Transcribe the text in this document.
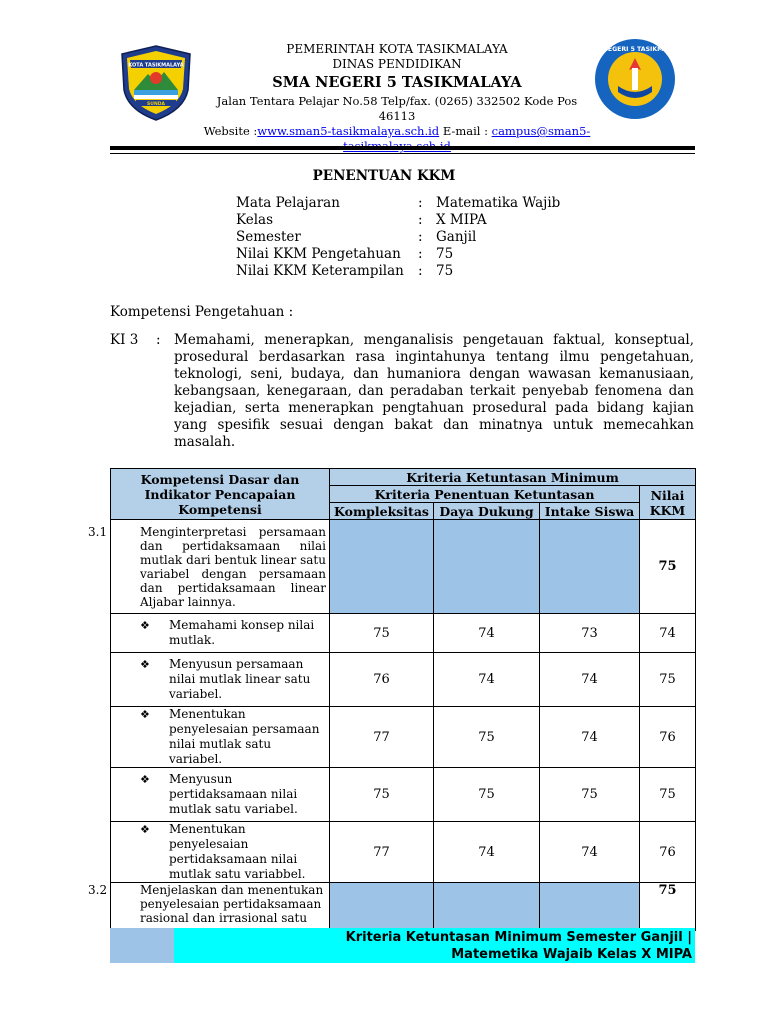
KOTA TASIKMALAYA
SUNDA
SMA NEGERI 5 TASIKMALAYA
PEMERINTAH KOTA TASIKMALAYA
DINAS PENDIDIKAN
SMA NEGERI 5 TASIKMALAYA
Jalan Tentara Pelajar No.58 Telp/fax. (0265) 332502 Kode Pos 46113
Website :www.sman5-tasikmalaya.sch.id E-mail : campus@sman5-

PENENTUAN KKM
Mata Pelajaran	: Matematika Wajib
Kelas	: X MIPA
Semester	: Ganjil
Nilai KKM Pengetahuan : 75
Nilai KKM Keterampilan : 75
Kompetensi Pengetahuan :
KI 3 : Memahami, menerapkan, menganalisis pengetauan faktual, konseptual, prosedural berdasarkan rasa ingintahunya tentang ilmu pengetahuan, teknologi, seni, budaya, dan humaniora dengan wawasan kemanusiaan, kebangsaan, kenegaraan, dan peradaban terkait penyebab fenomena dan kejadian, serta menerapkan pengtahuan prosedural pada bidang kajian yang spesifik sesuai dengan bakat dan minatnya untuk memecahkan masalah.
Kompetensi Dasar dan Indikator Pencapaian Kompetensi	Kriteria Ketuntasan Minimum			
	Kriteria Penentuan Ketuntasan			Nilai KKM
	Kompleksitas	Daya Dukung	Intake Siswa	

3.1 Menginterpretasi persamaan dan pertidaksamaan nilai mutlak dari bentuk linear satu variabel dengan persamaan dan pertidaksamaan linear Aljabar lainnya.				75

❖ Memahami konsep nilai mutlak.	75	74	73	74

❖ Menyusun persamaan nilai mutlak linear satu variabel.	76	74	74	75

❖ Menentukan penyelesaian persamaan nilai mutlak satu variabel.	77	75	74	76

❖ Menyusun pertidaksamaan nilai mutlak satu variabel.	75	75	75	75

❖ Menentukan penyelesaian pertidaksamaan nilai mutlak satu variabbel.	77	74	74	76

3.2 Menjelaskan dan menentukan penyelesaian pertidaksamaan rasional dan irrasional satu				75
Kriteria Ketuntasan Minimum Semester Ganjil |
Matemetika Wajaib Kelas X MIPA
